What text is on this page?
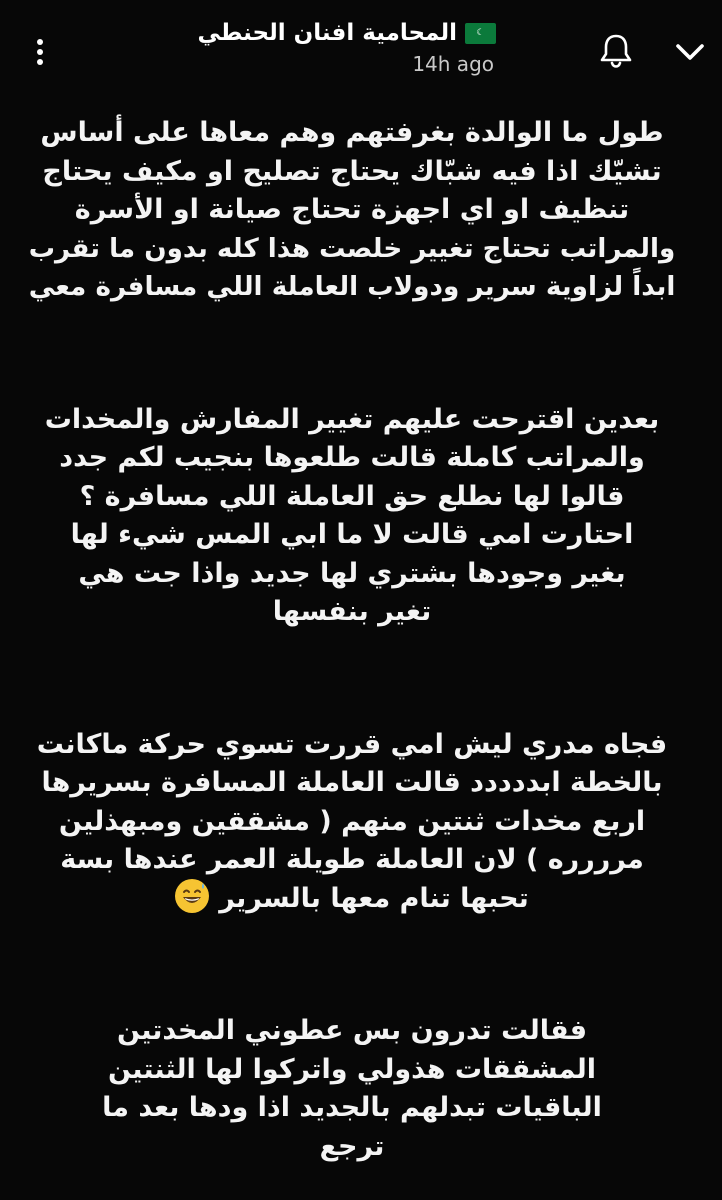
المحامية افنان الحنطي	☾
14h ago
طول ما الوالدة بغرفتهم وهم معاها على أساس
تشيّك اذا فيه شبّاك يحتاج تصليح او مكيف يحتاج
تنظيف او اي اجهزة تحتاج صيانة او الأسرة
والمراتب تحتاج تغيير خلصت هذا كله بدون ما تقرب
ابداً لزاوية سرير ودولاب العاملة اللي مسافرة معي
بعدين اقترحت عليهم تغيير المفارش والمخدات
والمراتب كاملة قالت طلعوها بنجيب لكم جدد
قالوا لها نطلع حق العاملة اللي مسافرة ؟
احتارت امي قالت لا ما ابي المس شيء لها
بغير وجودها بشتري لها جديد واذا جت هي
تغير بنفسها
فجاه مدري ليش امي قررت تسوي حركة ماكانت
بالخطة ابددددد قالت العاملة المسافرة بسريرها
اربع مخدات ثنتين منهم ( مشققين ومبهذلين
مرررره ) لان العاملة طويلة العمر عندها بسة
تحبها تنام معها بالسرير
فقالت تدرون بس عطوني المخدتين
المشققات هذولي واتركوا لها الثنتين
الباقيات تبدلهم بالجديد اذا ودها بعد ما
ترجع
